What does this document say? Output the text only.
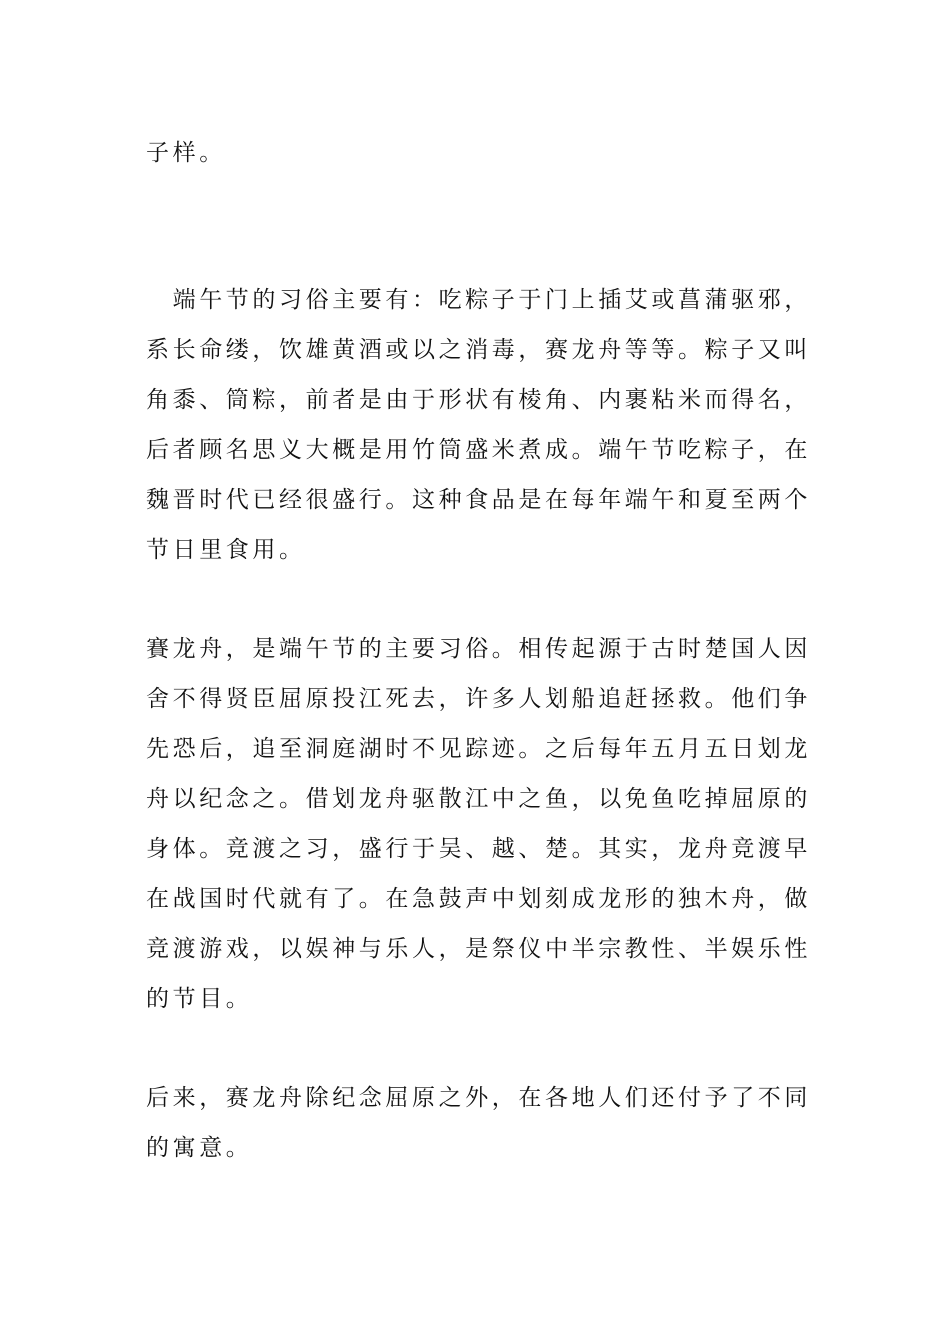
子样。

　端午节的习俗主要有：吃粽子于门上插艾或菖蒲驱邪，
系长命缕，饮雄黄酒或以之消毒，赛龙舟等等。粽子又叫
角黍、筒粽，前者是由于形状有棱角、内裹粘米而得名，
后者顾名思义大概是用竹筒盛米煮成。端午节吃粽子，在
魏晋时代已经很盛行。这种食品是在每年端午和夏至两个
节日里食用。

賽龙舟，是端午节的主要习俗。相传起源于古时楚国人因
舍不得贤臣屈原投江死去，许多人划船追赶拯救。他们争
先恐后，追至洞庭湖时不见踪迹。之后每年五月五日划龙
舟以纪念之。借划龙舟驱散江中之鱼，以免鱼吃掉屈原的
身体。竞渡之习，盛行于吴、越、楚。其实，龙舟竞渡早
在战国时代就有了。在急鼓声中划刻成龙形的独木舟，做
竞渡游戏，以娱神与乐人，是祭仪中半宗教性、半娱乐性
的节目。

后来，赛龙舟除纪念屈原之外，在各地人们还付予了不同
的寓意。
